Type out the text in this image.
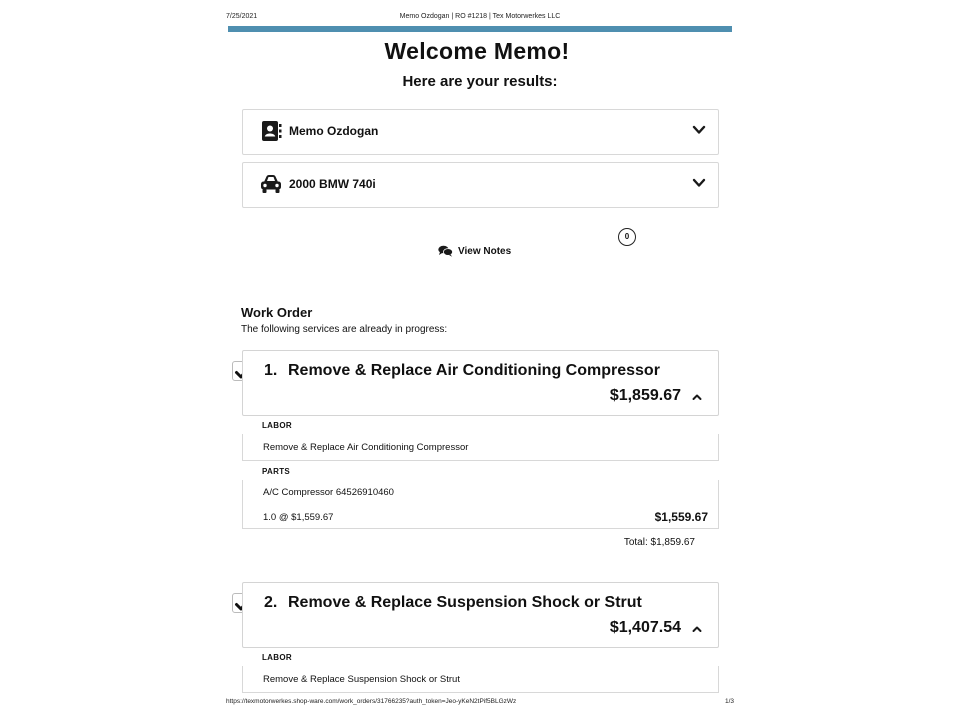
7/25/2021	Memo Ozdogan | RO #1218 | Tex Motorwerkes LLC
Welcome Memo!
Here are your results:
Memo Ozdogan
2000 BMW 740i
0
View Notes
Work Order
The following services are already in progress:
1. Remove & Replace Air Conditioning Compressor
$1,859.67
LABOR
Remove & Replace Air Conditioning Compressor
PARTS
A/C Compressor 64526910460
1.0 @ $1,559.67	$1,559.67
Total: $1,859.67
2. Remove & Replace Suspension Shock or Strut
$1,407.54
LABOR
Remove & Replace Suspension Shock or Strut
https://texmotorwerkes.shop-ware.com/work_orders/31766235?auth_token=Jeo-yKeN2tPif5BLGzWz	1/3
